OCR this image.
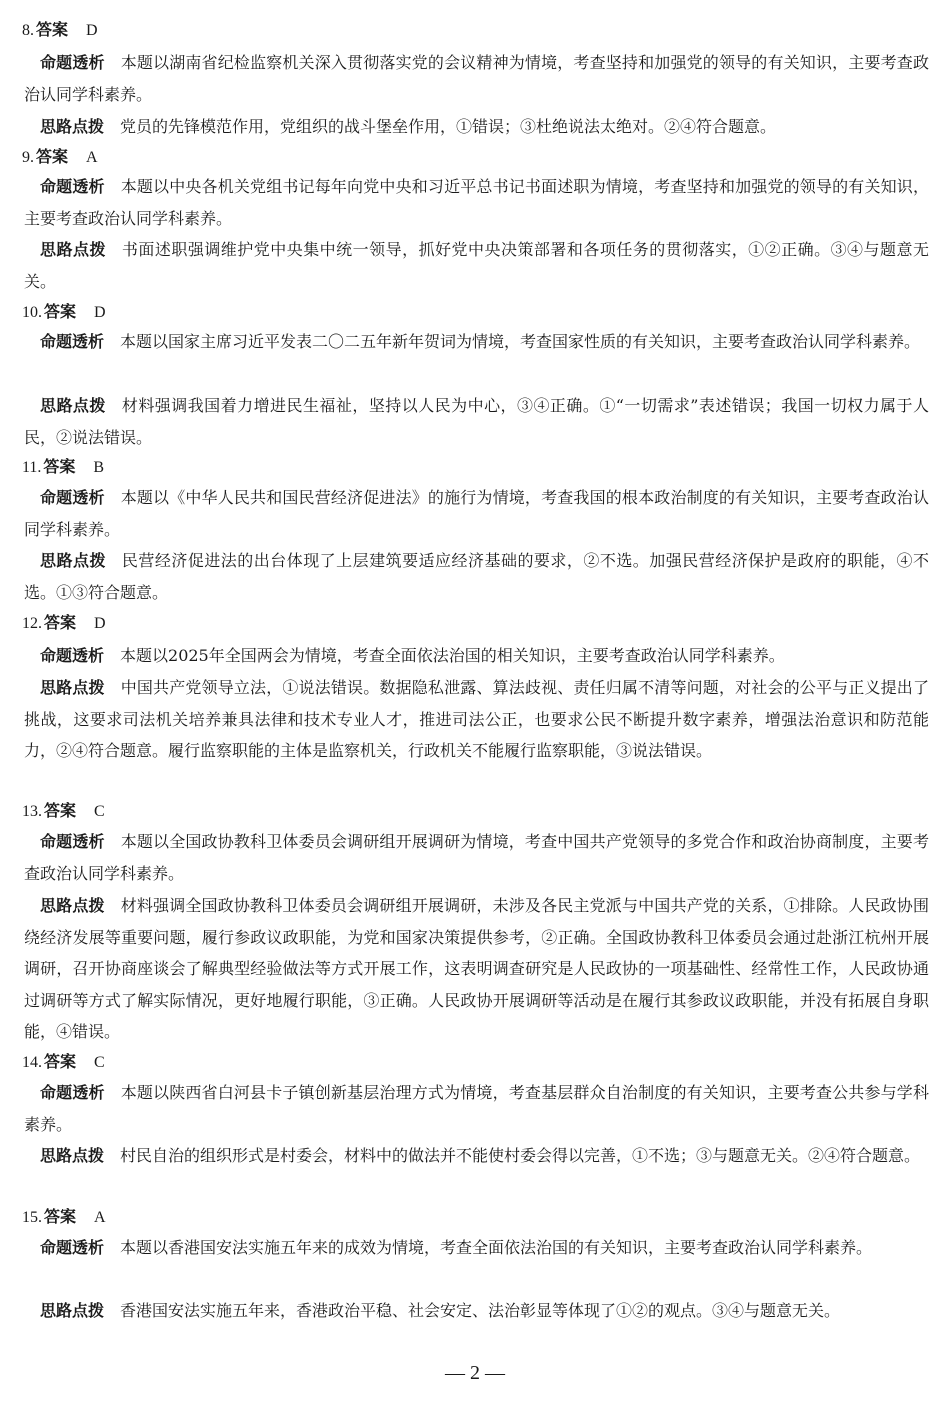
8. 答案 D
命题透析 本题以湖南省纪检监察机关深入贯彻落实党的会议精神为情境，考查坚持和加强党的领导的有关知识，主要考查政治认同学科素养。
思路点拨 党员的先锋模范作用，党组织的战斗堡垒作用，①错误；③杜绝说法太绝对。②④符合题意。
9. 答案 A
命题透析 本题以中央各机关党组书记每年向党中央和习近平总书记书面述职为情境，考查坚持和加强党的领导的有关知识，主要考查政治认同学科素养。
思路点拨 书面述职强调维护党中央集中统一领导，抓好党中央决策部署和各项任务的贯彻落实，①②正确。③④与题意无关。
10. 答案 D
命题透析 本题以国家主席习近平发表二〇二五年新年贺词为情境，考查国家性质的有关知识，主要考查政治认同学科素养。
思路点拨 材料强调我国着力增进民生福祉，坚持以人民为中心，③④正确。①“一切需求”表述错误；我国一切权力属于人民，②说法错误。
11. 答案 B
命题透析 本题以《中华人民共和国民营经济促进法》的施行为情境，考查我国的根本政治制度的有关知识，主要考查政治认同学科素养。
思路点拨 民营经济促进法的出台体现了上层建筑要适应经济基础的要求，②不选。加强民营经济保护是政府的职能，④不选。①③符合题意。
12. 答案 D
命题透析 本题以2025年全国两会为情境，考查全面依法治国的相关知识，主要考查政治认同学科素养。
思路点拨 中国共产党领导立法，①说法错误。数据隐私泄露、算法歧视、责任归属不清等问题，对社会的公平与正义提出了挑战，这要求司法机关培养兼具法律和技术专业人才，推进司法公正，也要求公民不断提升数字素养，增强法治意识和防范能力，②④符合题意。履行监察职能的主体是监察机关，行政机关不能履行监察职能，③说法错误。
13. 答案 C
命题透析 本题以全国政协教科卫体委员会调研组开展调研为情境，考查中国共产党领导的多党合作和政治协商制度，主要考查政治认同学科素养。
思路点拨 材料强调全国政协教科卫体委员会调研组开展调研，未涉及各民主党派与中国共产党的关系，①排除。人民政协围绕经济发展等重要问题，履行参政议政职能，为党和国家决策提供参考，②正确。全国政协教科卫体委员会通过赴浙江杭州开展调研，召开协商座谈会了解典型经验做法等方式开展工作，这表明调查研究是人民政协的一项基础性、经常性工作，人民政协通过调研等方式了解实际情况，更好地履行职能，③正确。人民政协开展调研等活动是在履行其参政议政职能，并没有拓展自身职能，④错误。
14. 答案 C
命题透析 本题以陕西省白河县卡子镇创新基层治理方式为情境，考查基层群众自治制度的有关知识，主要考查公共参与学科素养。
思路点拨 村民自治的组织形式是村委会，材料中的做法并不能使村委会得以完善，①不选；③与题意无关。②④符合题意。
15. 答案 A
命题透析 本题以香港国安法实施五年来的成效为情境，考查全面依法治国的有关知识，主要考查政治认同学科素养。
思路点拨 香港国安法实施五年来，香港政治平稳、社会安定、法治彰显等体现了①②的观点。③④与题意无关。
— 2 —
